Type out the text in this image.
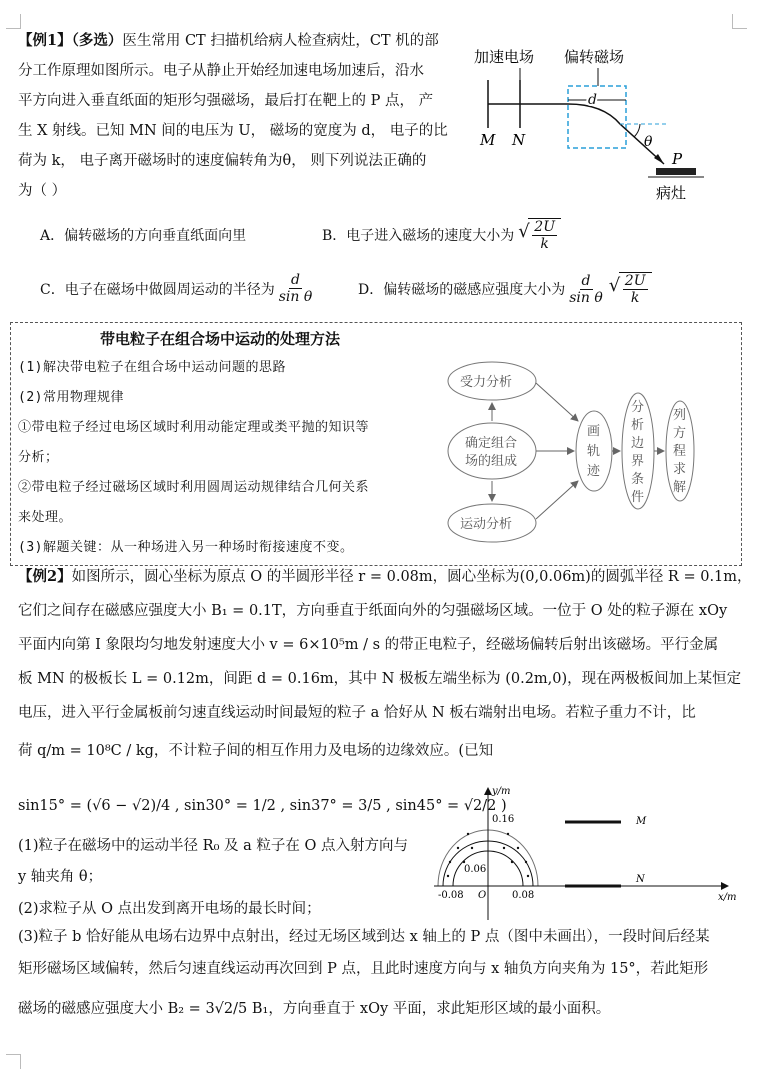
【例1】（多选）医生常用 CT 扫描机给病人检查病灶，CT 机的部
分工作原理如图所示。电子从静止开始经加速电场加速后，沿水
平方向进入垂直纸面的矩形匀强磁场，最后打在靶上的 P 点， 产
生 X 射线。已知 MN 间的电压为 U， 磁场的宽度为 d， 电子的比
荷为 k， 电子离开磁场时的速度偏转角为θ， 则下列说法正确的
为（ ）
加速电场 偏转磁场
d
θ
M N
P
病灶
A．偏转磁场的方向垂直纸面向里	B．电子进入磁场的速度大小为 √ $\frac{2U}{k}$
C．电子在磁场中做圆周运动的半径为 $\frac{d}{\text{sin θ}}$	D．偏转磁场的磁感应强度大小为 $\frac{d}{\text{sin θ}}$ √ $\frac{2U}{k}$
带电粒子在组合场中运动的处理方法
(1)解决带电粒子在组合场中运动问题的思路
(2)常用物理规律
①带电粒子经过电场区域时利用动能定理或类平抛的知识等
分析；
②带电粒子经过磁场区域时利用圆周运动规律结合几何关系
来处理。
(3)解题关键：从一种场进入另一种场时衔接速度不变。
受力分析
确定组合
场的组成
运动分析
画
轨
迹
分
析
边
界
条
件
列
方
程
求
解
【例2】如图所示，圆心坐标为原点 O 的半圆形半径 r = 0.08m，圆心坐标为(0,0.06m)的圆弧半径 R = 0.1m，
它们之间存在磁感应强度大小 B₁ = 0.1T，方向垂直于纸面向外的匀强磁场区域。一位于 O 处的粒子源在 xOy
平面内向第 I 象限均匀地发射速度大小 v = 6×10⁵m / s 的带正电粒子，经磁场偏转后射出该磁场。平行金属
板 MN 的极板长 L = 0.12m，间距 d = 0.16m，其中 N 极板左端坐标为 (0.2m,0)，现在两极板间加上某恒定
电压，进入平行金属板前匀速直线运动时间最短的粒子 a 恰好从 N 板右端射出电场。若粒子重力不计，比
荷 q/m = 10⁸C / kg，不计粒子间的相互作用力及电场的边缘效应。(已知
sin15° = (√6 − √2)/4 , sin30° = 1/2 , sin37° = 3/5 , sin45° = √2/2 )
(1)粒子在磁场中的运动半径 R₀ 及 a 粒子在 O 点入射方向与
y 轴夹角 θ；
(2)求粒子从 O 点出发到离开电场的最长时间；
(3)粒子 b 恰好能从电场右边界中点射出，经过无场区域到达 x 轴上的 P 点（图中未画出），一段时间后经某
矩形磁场区域偏转，然后匀速直线运动再次回到 P 点，且此时速度方向与 x 轴负方向夹角为 15°，若此矩形
磁场的磁感应强度大小 B₂ = 3√2/5 B₁，方向垂直于 xOy 平面，求此矩形区域的最小面积。
y/m
x/m
M
N
0.16
0.06
-0.08 O	0.08
